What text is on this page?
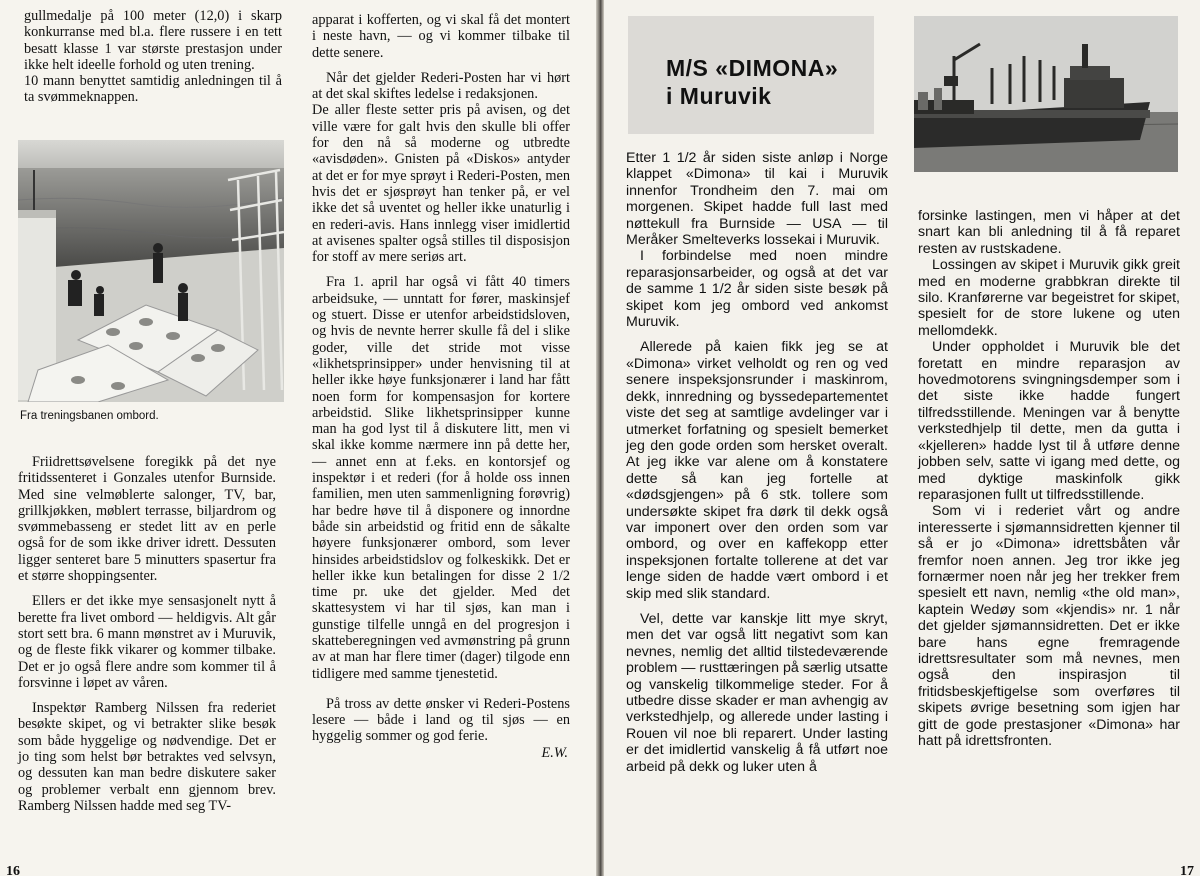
gullmedalje på 100 meter (12,0) i skarp konkurranse med bl.a. flere russere i en tett besatt klasse 1 var største prestasjon under ikke helt ideelle forhold og uten trening.

10 mann benyttet samtidig anledningen til å ta svømmeknappen.

Fra treningsbanen ombord.

Friidrettsøvelsene foregikk på det nye fritidssenteret i Gonzales utenfor Burnside. Med sine velmøblerte salonger, TV, bar, grillkjøkken, møblert terrasse, biljardrom og svømmebasseng er stedet litt av en perle også for de som ikke driver idrett. Dessuten ligger senteret bare 5 minutters spasertur fra et større shoppingsenter.

Ellers er det ikke mye sensasjonelt nytt å berette fra livet ombord — heldigvis. Alt går stort sett bra. 6 mann mønstret av i Muruvik, og de fleste fikk vikarer og kommer tilbake. Det er jo også flere andre som kommer til å forsvinne i løpet av våren.

Inspektør Ramberg Nilssen fra rederiet besøkte skipet, og vi betrakter slike besøk som både hyggelige og nødvendige. Det er jo ting som helst bør betraktes ved selvsyn, og dessuten kan man bedre diskutere saker og problemer verbalt enn gjennom brev. Ramberg Nilssen hadde med seg TV-

apparat i kofferten, og vi skal få det montert i neste havn, — og vi kommer tilbake til dette senere.

Når det gjelder Rederi-Posten har vi hørt at det skal skiftes ledelse i redaksjonen.

De aller fleste setter pris på avisen, og det ville være for galt hvis den skulle bli offer for den nå så moderne og utbredte «avisdøden». Gnisten på «Diskos» antyder at det er for mye sprøyt i Rederi-Posten, men hvis det er sjøsprøyt han tenker på, er vel ikke det så uventet og heller ikke unaturlig i en rederi-avis. Hans innlegg viser imidlertid at avisenes spalter også stilles til disposisjon for stoff av mere seriøs art.

Fra 1. april har også vi fått 40 timers arbeidsuke, — unntatt for fører, maskinsjef og stuert. Disse er utenfor arbeidstidsloven, og hvis de nevnte herrer skulle få del i slike goder, ville det stride mot visse «likhetsprinsipper» under henvisning til at heller ikke høye funksjonærer i land har fått noen form for kompensasjon for kortere arbeidstid. Slike likhetsprinsipper kunne man ha god lyst til å diskutere litt, men vi skal ikke komme nærmere inn på dette her, — annet enn at f.eks. en kontorsjef og inspektør i et rederi (for å holde oss innen familien, men uten sammenligning forøvrig) har bedre høve til å disponere og innordne både sin arbeidstid og fritid enn de såkalte høyere funksjonærer ombord, som lever hinsides arbeidstidslov og folkeskikk. Det er heller ikke kun betalingen for disse 2 1/2 time pr. uke det gjelder. Med det skattesystem vi har til sjøs, kan man i gunstige tilfelle unngå en del progresjon i skatteberegningen ved avmønstring på grunn av at man har flere timer (dager) tilgode enn tidligere med samme tjenestetid.

På tross av dette ønsker vi Rederi-Postens lesere — både i land og til sjøs — en hyggelig sommer og god ferie.

E.W.

16
M/S «DIMONA»
i Muruvik

Etter 1 1/2 år siden siste anløp i Norge klappet «Dimona» til kai i Muruvik innenfor Trondheim den 7. mai om morgenen. Skipet hadde full last med nøttekull fra Burnside — USA — til Meråker Smelteverks lossekai i Muruvik.

I forbindelse med noen mindre reparasjonsarbeider, og også at det var de samme 1 1/2 år siden siste besøk på skipet kom jeg ombord ved ankomst Muruvik.

Allerede på kaien fikk jeg se at «Dimona» virket velholdt og ren og ved senere inspeksjonsrunder i maskinrom, dekk, innredning og byssedepartementet viste det seg at samtlige avdelinger var i utmerket forfatning og spesielt bemerket jeg den gode orden som hersket overalt. At jeg ikke var alene om å konstatere dette så kan jeg fortelle at «dødsgjengen» på 6 stk. tollere som undersøkte skipet fra dørk til dekk også var imponert over den orden som var ombord, og over en kaffekopp etter inspeksjonen fortalte tollerene at det var lenge siden de hadde vært ombord i et skip med slik standard.

Vel, dette var kanskje litt mye skryt, men det var også litt negativt som kan nevnes, nemlig det alltid tilstedeværende problem — rusttæringen på særlig utsatte og vanskelig tilkommelige steder. For å utbedre disse skader er man avhengig av verkstedhjelp, og allerede under lasting i Rouen vil noe bli reparert. Under lasting er det imidlertid vanskelig å få utført noe arbeid på dekk og luker uten å

forsinke lastingen, men vi håper at det snart kan bli anledning til å få reparet resten av rustskadene.

Lossingen av skipet i Muruvik gikk greit med en moderne grabbkran direkte til silo. Kranførerne var begeistret for skipet, spesielt for de store lukene og uten mellomdekk.

Under oppholdet i Muruvik ble det foretatt en mindre reparasjon av hovedmotorens svingningsdemper som i det siste ikke hadde fungert tilfredsstillende. Meningen var å benytte verkstedhjelp til dette, men da gutta i «kjelleren» hadde lyst til å utføre denne jobben selv, satte vi igang med dette, og med dyktige maskinfolk gikk reparasjonen fullt ut tilfredsstillende.

Som vi i rederiet vårt og andre interesserte i sjømannsidretten kjenner til så er jo «Dimona» idrettsbåten vår fremfor noen annen. Jeg tror ikke jeg fornærmer noen når jeg her trekker frem spesielt ett navn, nemlig «the old man», kaptein Wedøy som «kjendis» nr. 1 når det gjelder sjømannsidretten. Det er ikke bare hans egne fremragende idrettsresultater som må nevnes, men også den inspirasjon til fritidsbeskjeftigelse som overføres til skipets øvrige besetning som igjen har gitt de gode prestasjoner «Dimona» har hatt på idrettsfronten.

17
